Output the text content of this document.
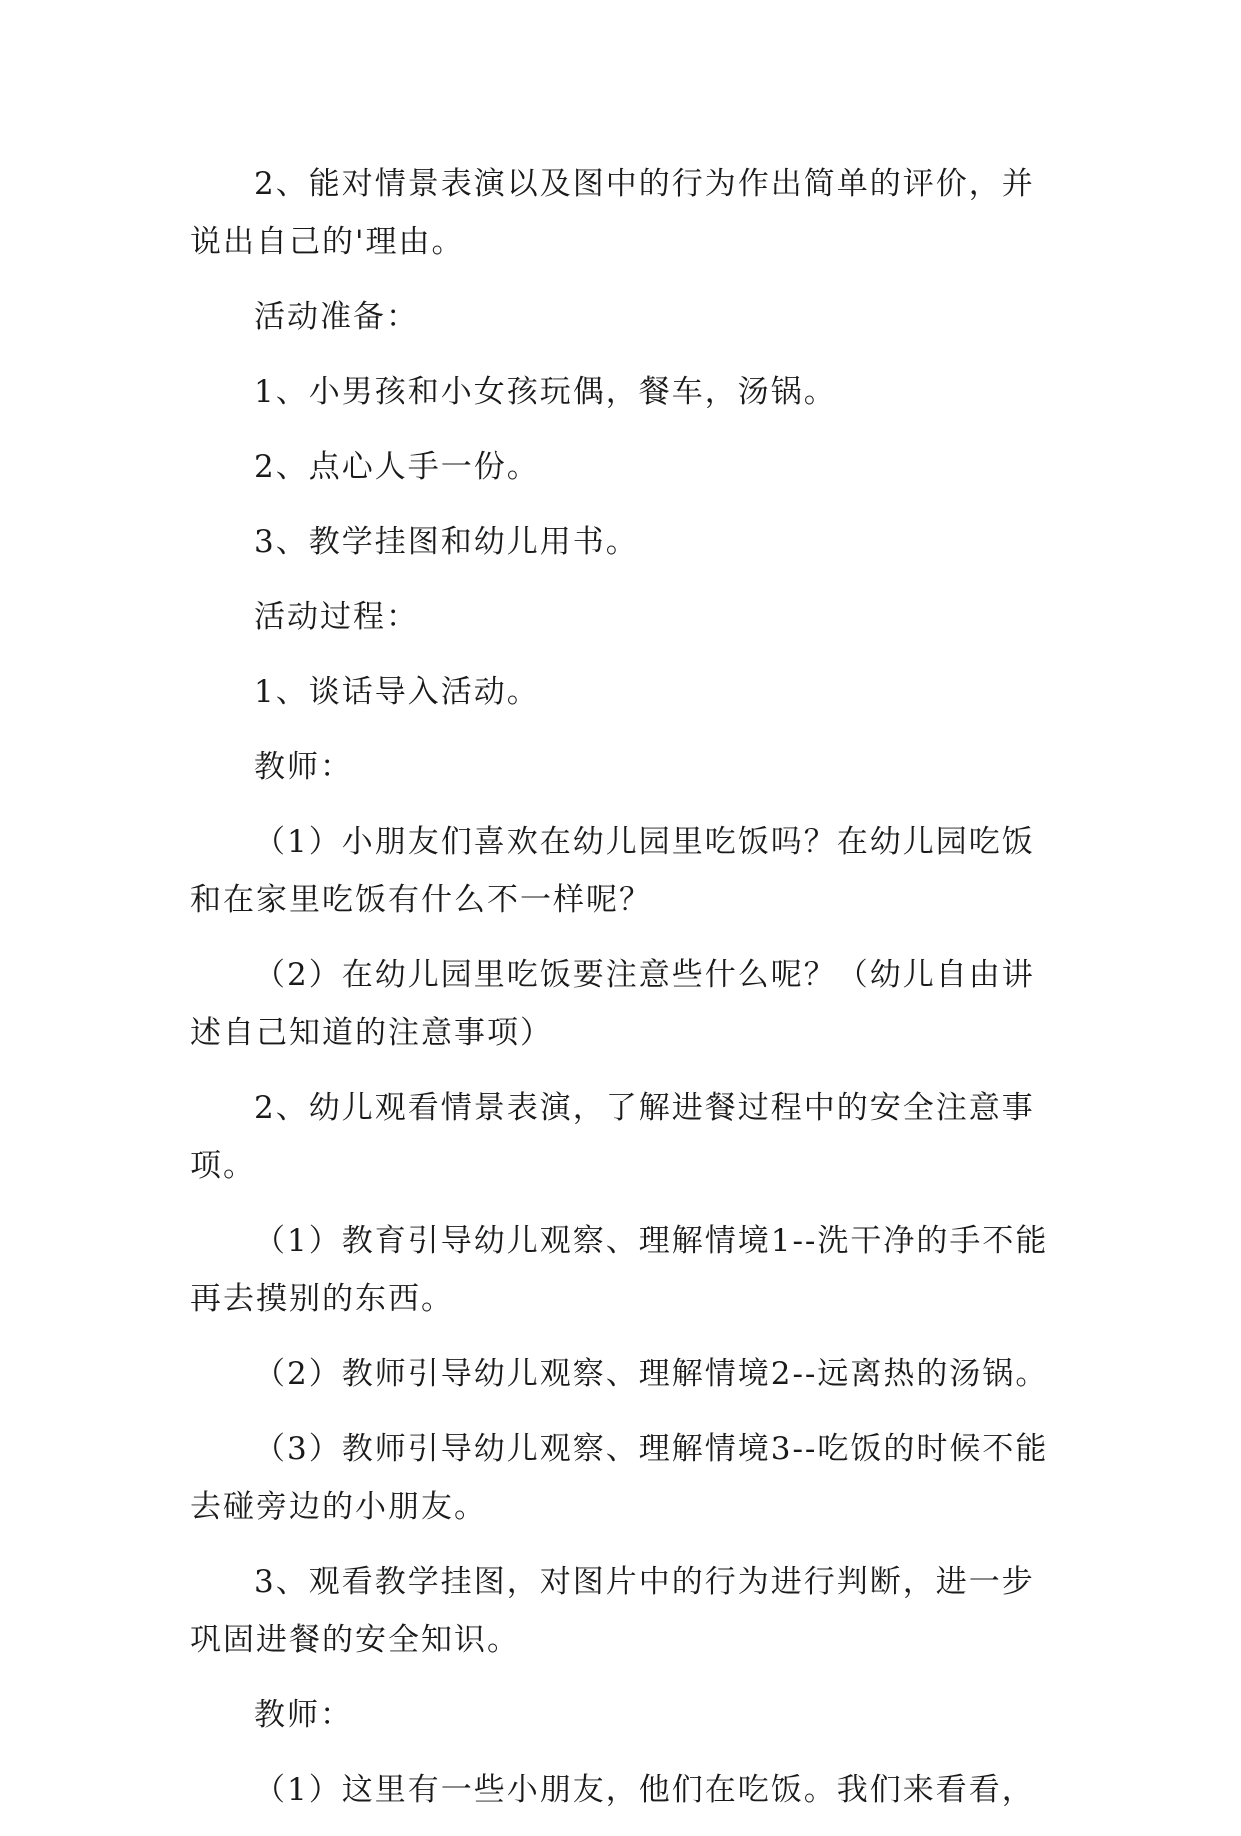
2、能对情景表演以及图中的行为作出简单的评价，并说出自己的'理由。

活动准备：

1、小男孩和小女孩玩偶，餐车，汤锅。

2、点心人手一份。

3、教学挂图和幼儿用书。

活动过程：

1、谈话导入活动。

教师：

（1）小朋友们喜欢在幼儿园里吃饭吗？在幼儿园吃饭和在家里吃饭有什么不一样呢？

（2）在幼儿园里吃饭要注意些什么呢？（幼儿自由讲述自己知道的注意事项）

2、幼儿观看情景表演，了解进餐过程中的安全注意事项。

（1）教育引导幼儿观察、理解情境1--洗干净的手不能再去摸别的东西。

（2）教师引导幼儿观察、理解情境2--远离热的汤锅。

（3）教师引导幼儿观察、理解情境3--吃饭的时候不能去碰旁边的小朋友。

3、观看教学挂图，对图片中的行为进行判断，进一步巩固进餐的安全知识。

教师：

（1）这里有一些小朋友，他们在吃饭。我们来看看，
